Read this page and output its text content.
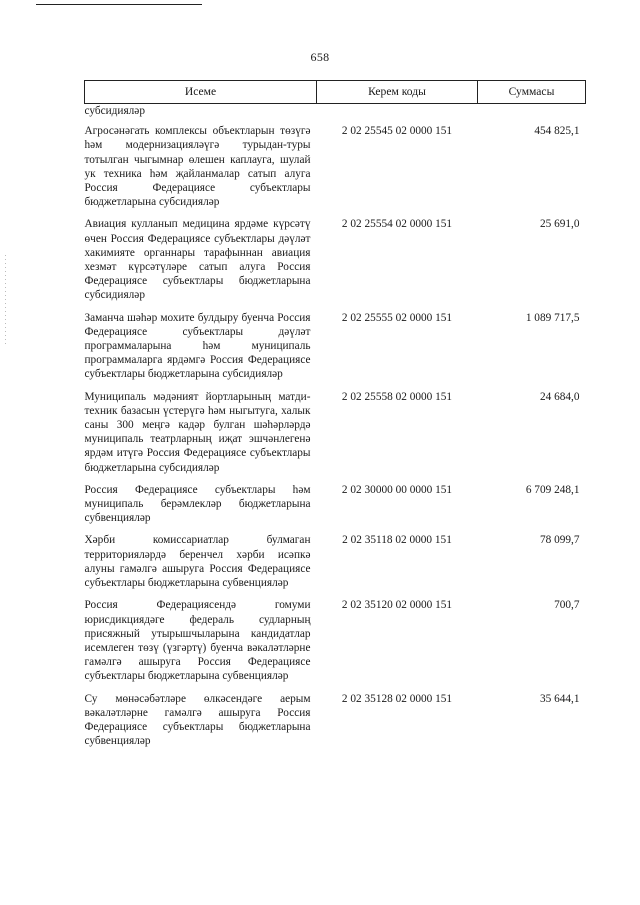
658
Исеме	Керем коды	Суммасы
субсидияләр		
Агросәнәгать комплексы объектларын төзүгә һәм модернизацияләүгә турыдан-туры тотылган чыгымнар өлешен каплауга, шулай ук техника һәм җайланмалар сатып алуга Россия Федерациясе субъектлары бюджетларына субсидияләр	2 02 25545 02 0000 151	454 825,1
Авиация кулланып медицина ярдәме күрсәтү өчен Россия Федерациясе субъектлары дәүләт хакимияте органнары тарафыннан авиация хезмәт күрсәтүләре сатып алуга Россия Федерациясе субъектлары бюджетларына субсидияләр	2 02 25554 02 0000 151	25 691,0
Заманча шәһәр мохите булдыру буенча Россия Федерациясе субъектлары дәүләт программаларына һәм муниципаль программаларга ярдәмгә Россия Федерациясе субъектлары бюджетларына субсидияләр	2 02 25555 02 0000 151	1 089 717,5
Муниципаль мәдәният йортларының матди-техник базасын үстерүгә һәм ныгытуга, халык саны 300 меңгә кадәр булган шәһәрләрдә муниципаль театрларның иҗат эшчәнлегенә ярдәм итүгә Россия Федерациясе субъектлары бюджетларына субсидияләр	2 02 25558 02 0000 151	24 684,0
Россия Федерациясе субъектлары һәм муниципаль берәмлекләр бюджетларына субвенцияләр	2 02 30000 00 0000 151	6 709 248,1
Хәрби комиссариатлар булмаган территорияләрдә беренчел хәрби исәпкә алуны гамәлгә ашыруга Россия Федерациясе субъектлары бюджетларына субвенцияләр	2 02 35118 02 0000 151	78 099,7
Россия Федерациясендә гомуми юрисдикциядәге федераль судларның присяжный утырышчыларына кандидатлар исемлеген төзү (үзгәртү) буенча вәкаләтләрне гамәлгә ашыруга Россия Федерациясе субъектлары бюджетларына субвенцияләр	2 02 35120 02 0000 151	700,7
Су мөнәсәбәтләре өлкәсендәге аерым вәкаләтләрне гамәлгә ашыруга Россия Федерациясе субъектлары бюджетларына субвенцияләр	2 02 35128 02 0000 151	35 644,1
